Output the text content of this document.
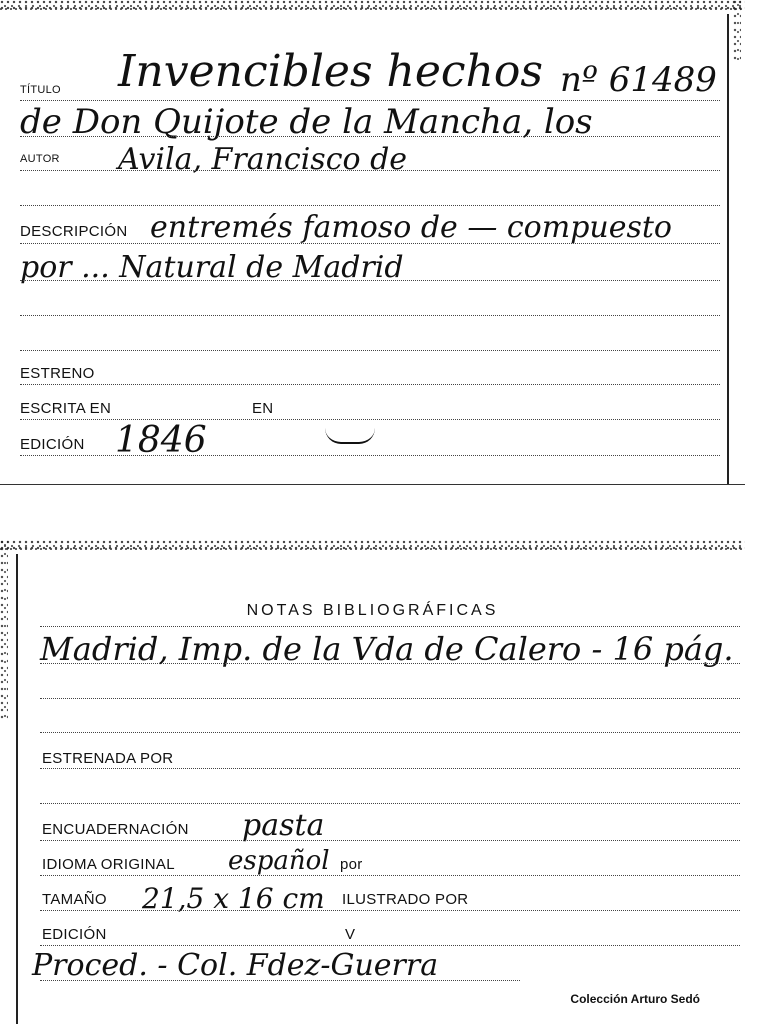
TÍTULO Invencibles hechos nº 61489
de Don Quijote de la Mancha, los
AUTOR Avila, Francisco de
DESCRIPCIÓN entremés famoso de — compuesto
por ... Natural de Madrid
ESTRENO
ESCRITA EN	EN
EDICIÓN 1846
NOTAS BIBLIOGRÁFICAS
Madrid, Imp. de la Vda de Calero - 16 pág.
ESTRENADA POR
ENCUADERNACIÓN pasta
IDIOMA ORIGINAL español por
TAMAÑO 21,5 x 16 cm ILUSTRADO POR
EDICIÓN	V
Proced. - Col. Fdez-Guerra
Colección Arturo Sedó
